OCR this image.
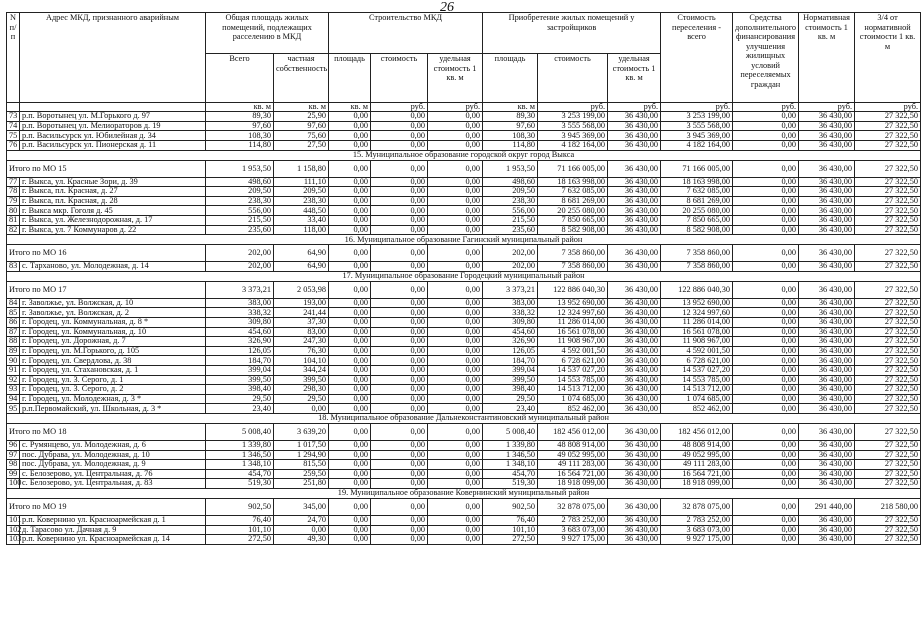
26
N п/п	Адрес МКД, признанного аварийным	Общая площадь жилых помещений, подлежащих расселению в МКД		Строительство МКД			Приобретение жилых помещений у застройщиков			Стоимость переселения - всего	Средства дополнительного финансирования улучшения жилищных условий переселяемых граждан	Нормативная стоимость 1 кв. м	3/4 от нормативной стоимости 1 кв. м
		Всего	частная собственность	площадь	стоимость	удельная стоимость 1 кв. м	площадь	стоимость	удельная стоимость 1 кв. м				
		кв. м	кв. м	кв. м	руб.	руб.	кв. м	руб.	руб.	руб.	руб.	руб.	руб.
73	р.п. Воротынец ул. М.Горького д. 97	89,30	25,90	0,00	0,00	0,00	89,30	3 253 199,00	36 430,00	3 253 199,00	0,00	36 430,00	27 322,50
74	р.п. Воротынец ул. Мелиораторов д. 19	97,60	97,60	0,00	0,00	0,00	97,60	3 555 568,00	36 430,00	3 555 568,00	0,00	36 430,00	27 322,50
75	р.п. Васильсурск ул. Юбилейная д. 34	108,30	75,60	0,00	0,00	0,00	108,30	3 945 369,00	36 430,00	3 945 369,00	0,00	36 430,00	27 322,50
76	р.п. Васильсурск ул. Пионерская д. 11	114,80	27,50	0,00	0,00	0,00	114,80	4 182 164,00	36 430,00	4 182 164,00	0,00	36 430,00	27 322,50
15. Муниципальное образование городской округ город Выкса													
Итого по МО 15		1 953,50	1 158,80	0,00	0,00	0,00	1 953,50	71 166 005,00	36 430,00	71 166 005,00	0,00	36 430,00	27 322,50
77	г. Выкса, ул. Красные Зори, д. 39	498,60	111,10	0,00	0,00	0,00	498,60	18 163 998,00	36 430,00	18 163 998,00	0,00	36 430,00	27 322,50
78	г. Выкса, пл. Красная, д. 27	209,50	209,50	0,00	0,00	0,00	209,50	7 632 085,00	36 430,00	7 632 085,00	0,00	36 430,00	27 322,50
79	г. Выкса, пл. Красная, д. 28	238,30	238,30	0,00	0,00	0,00	238,30	8 681 269,00	36 430,00	8 681 269,00	0,00	36 430,00	27 322,50
80	г. Выкса мкр. Гоголя д. 45	556,00	448,50	0,00	0,00	0,00	556,00	20 255 080,00	36 430,00	20 255 080,00	0,00	36 430,00	27 322,50
81	г. Выкса, ул. Железнодорожная, д. 17	215,50	33,40	0,00	0,00	0,00	215,50	7 850 665,00	36 430,00	7 850 665,00	0,00	36 430,00	27 322,50
82	г. Выкса, ул. 7 Коммунаров д. 22	235,60	118,00	0,00	0,00	0,00	235,60	8 582 908,00	36 430,00	8 582 908,00	0,00	36 430,00	27 322,50
16. Муниципальное образование Гагинский муниципальный район													
Итого по МО 16		202,00	64,90	0,00	0,00	0,00	202,00	7 358 860,00	36 430,00	7 358 860,00	0,00	36 430,00	27 322,50
83	с. Тарханово, ул. Молодежная, д. 14	202,00	64,90	0,00	0,00	0,00	202,00	7 358 860,00	36 430,00	7 358 860,00	0,00	36 430,00	27 322,50
17. Муниципальное образование Городецкий муниципальный район													
Итого по МО 17		3 373,21	2 053,98	0,00	0,00	0,00	3 373,21	122 886 040,30	36 430,00	122 886 040,30	0,00	36 430,00	27 322,50
84	г. Заволжье, ул. Волжская, д. 10	383,00	193,00	0,00	0,00	0,00	383,00	13 952 690,00	36 430,00	13 952 690,00	0,00	36 430,00	27 322,50
85	г. Заволжье, ул. Волжская, д. 2	338,32	241,44	0,00	0,00	0,00	338,32	12 324 997,60	36 430,00	12 324 997,60	0,00	36 430,00	27 322,50
86	г. Городец, ул. Коммунальная, д. 8 *	309,80	37,30	0,00	0,00	0,00	309,80	11 286 014,00	36 430,00	11 286 014,00	0,00	36 430,00	27 322,50
87	г. Городец, ул. Коммунальная, д. 10	454,60	83,00	0,00	0,00	0,00	454,60	16 561 078,00	36 430,00	16 561 078,00	0,00	36 430,00	27 322,50
88	г. Городец, ул. Дорожная, д. 7	326,90	247,30	0,00	0,00	0,00	326,90	11 908 967,00	36 430,00	11 908 967,00	0,00	36 430,00	27 322,50
89	г. Городец, ул. М.Горького, д. 105	126,05	76,30	0,00	0,00	0,00	126,05	4 592 001,50	36 430,00	4 592 001,50	0,00	36 430,00	27 322,50
90	г. Городец, ул. Свердлова, д. 38	184,70	104,10	0,00	0,00	0,00	184,70	6 728 621,00	36 430,00	6 728 621,00	0,00	36 430,00	27 322,50
91	г. Городец, ул. Стахановская, д. 1	399,04	344,24	0,00	0,00	0,00	399,04	14 537 027,20	36 430,00	14 537 027,20	0,00	36 430,00	27 322,50
92	г. Городец, ул. З. Серого, д. 1	399,50	399,50	0,00	0,00	0,00	399,50	14 553 785,00	36 430,00	14 553 785,00	0,00	36 430,00	27 322,50
93	г. Городец, ул. З. Серого, д. 2	398,40	298,30	0,00	0,00	0,00	398,40	14 513 712,00	36 430,00	14 513 712,00	0,00	36 430,00	27 322,50
94	г. Городец, ул. Молодежная, д. 3 *	29,50	29,50	0,00	0,00	0,00	29,50	1 074 685,00	36 430,00	1 074 685,00	0,00	36 430,00	27 322,50
95	р.п.Первомайский, ул. Школьная, д. 3 *	23,40	0,00	0,00	0,00	0,00	23,40	852 462,00	36 430,00	852 462,00	0,00	36 430,00	27 322,50
18. Муниципальное образование Дальнеконстантиновский муниципальный район													
Итого по МО 18		5 008,40	3 639,20	0,00	0,00	0,00	5 008,40	182 456 012,00	36 430,00	182 456 012,00	0,00	36 430,00	27 322,50
96	с. Румянцево, ул. Молодежная, д. 6	1 339,80	1 017,50	0,00	0,00	0,00	1 339,80	48 808 914,00	36 430,00	48 808 914,00	0,00	36 430,00	27 322,50
97	пос. Дубрава, ул. Молодежная, д. 10	1 346,50	1 294,90	0,00	0,00	0,00	1 346,50	49 052 995,00	36 430,00	49 052 995,00	0,00	36 430,00	27 322,50
98	пос. Дубрава, ул. Молодежная, д. 9	1 348,10	815,50	0,00	0,00	0,00	1 348,10	49 111 283,00	36 430,00	49 111 283,00	0,00	36 430,00	27 322,50
99	с. Белозерово, ул. Центральная, д. 76	454,70	259,50	0,00	0,00	0,00	454,70	16 564 721,00	36 430,00	16 564 721,00	0,00	36 430,00	27 322,50
100	с. Белозерово, ул. Центральная, д. 83	519,30	251,80	0,00	0,00	0,00	519,30	18 918 099,00	36 430,00	18 918 099,00	0,00	36 430,00	27 322,50
19. Муниципальное образование Ковернинский муниципальный район													
Итого по МО 19		902,50	345,00	0,00	0,00	0,00	902,50	32 878 075,00	36 430,00	32 878 075,00	0,00	291 440,00	218 580,00
101	р.п. Ковернино ул. Красноармейская д. 1	76,40	24,70	0,00	0,00	0,00	76,40	2 783 252,00	36 430,00	2 783 252,00	0,00	36 430,00	27 322,50
102	д. Тарасово ул. Дачная д. 9	101,10	0,00	0,00	0,00	0,00	101,10	3 683 073,00	36 430,00	3 683 073,00	0,00	36 430,00	27 322,50
103	р.п. Ковернино ул. Красноармейская д. 14	272,50	49,30	0,00	0,00	0,00	272,50	9 927 175,00	36 430,00	9 927 175,00	0,00	36 430,00	27 322,50
